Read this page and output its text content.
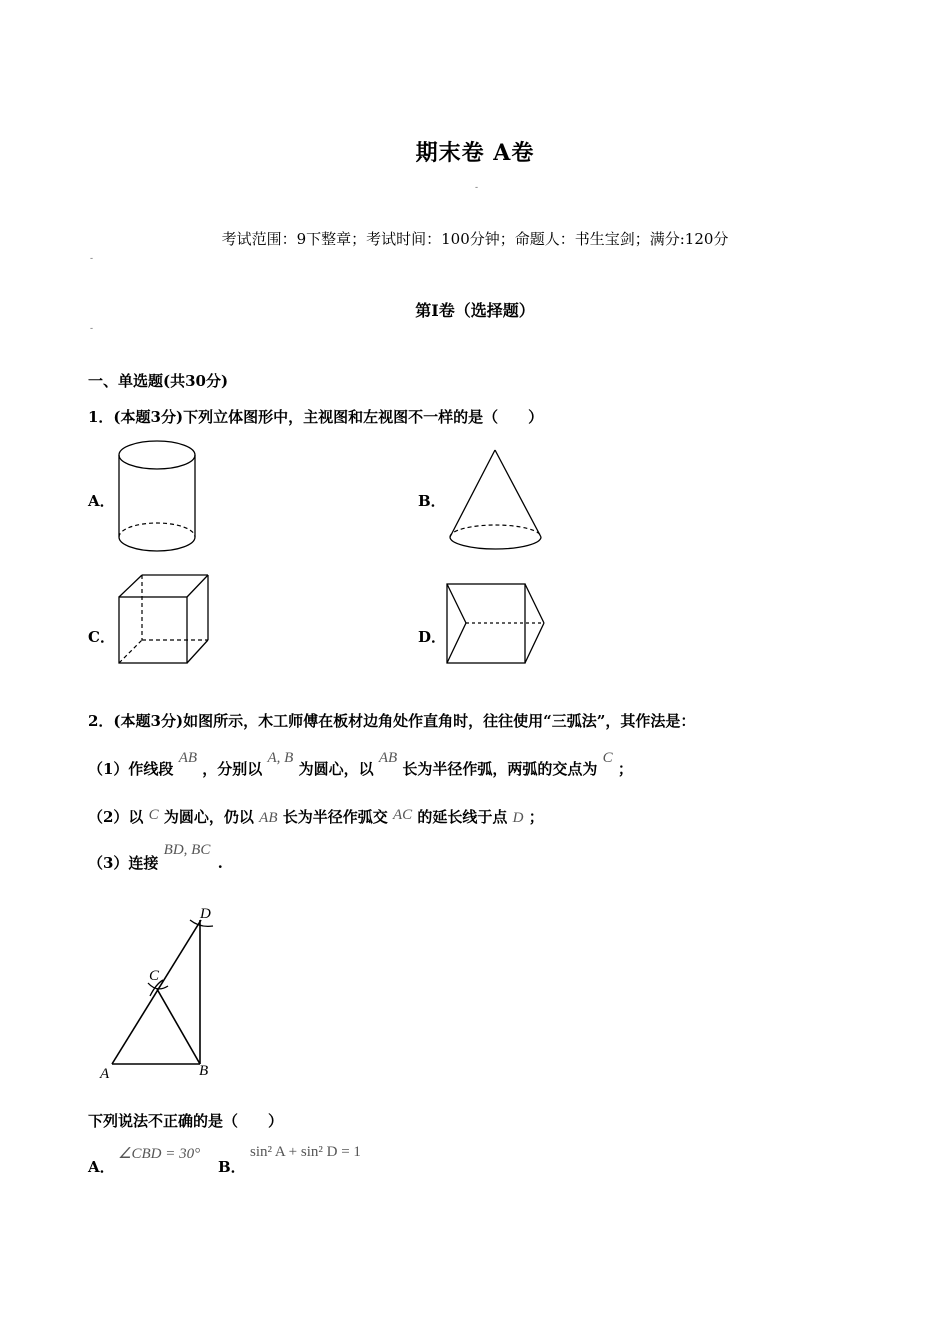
期末卷 A卷
-
考试范围：9下整章；考试时间：100分钟；命题人：书生宝剑；满分:120分
-
第I卷（选择题）
-
一、单选题(共30分)
1．(本题3分)下列立体图形中，主视图和左视图不一样的是（　　）
A．	B．
C．	D．
2．(本题3分)如图所示，木工师傅在板材边角处作直角时，往往使用“三弧法”，其作法是：
（1）作线段 AB ，分别以 A, B 为圆心，以 AB 长为半径作弧，两弧的交点为 C ；
（2）以 C 为圆心，仍以 AB 长为半径作弧交 AC 的延长线于点 D ；
（3）连接 BD, BC .
D
C
A	B
下列说法不正确的是（　　）
A．
∠CBD = 30°
B．
sin² A + sin² D = 1
